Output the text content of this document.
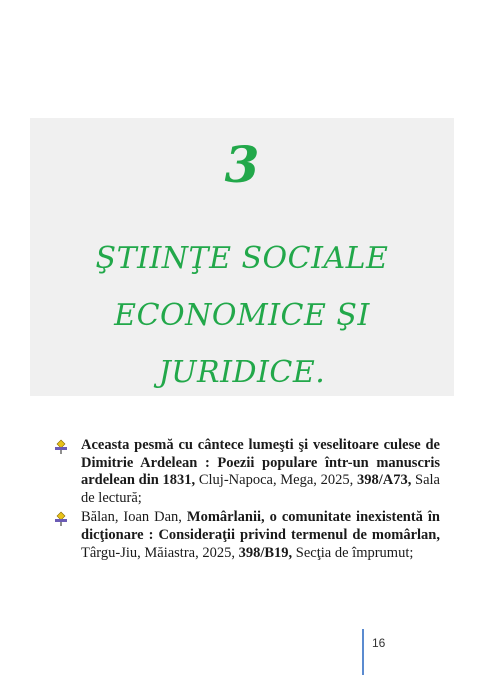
3
ŞTIINŢE SOCIALE
ECONOMICE ŞI
JURIDICE.

Aceasta pesmă cu cântece lumeşti şi veselitoare culese de Dimitrie Ardelean : Poezii populare într-un manuscris ardelean din 1831, Cluj-Napoca, Mega, 2025, 398/A73, Sala de lectură;

Bălan, Ioan Dan, Momârlanii, o comunitate inexistentă în dicţionare : Consideraţii privind termenul de momârlan, Târgu-Jiu, Măiastra, 2025, 398/B19, Secţia de împrumut;

16
